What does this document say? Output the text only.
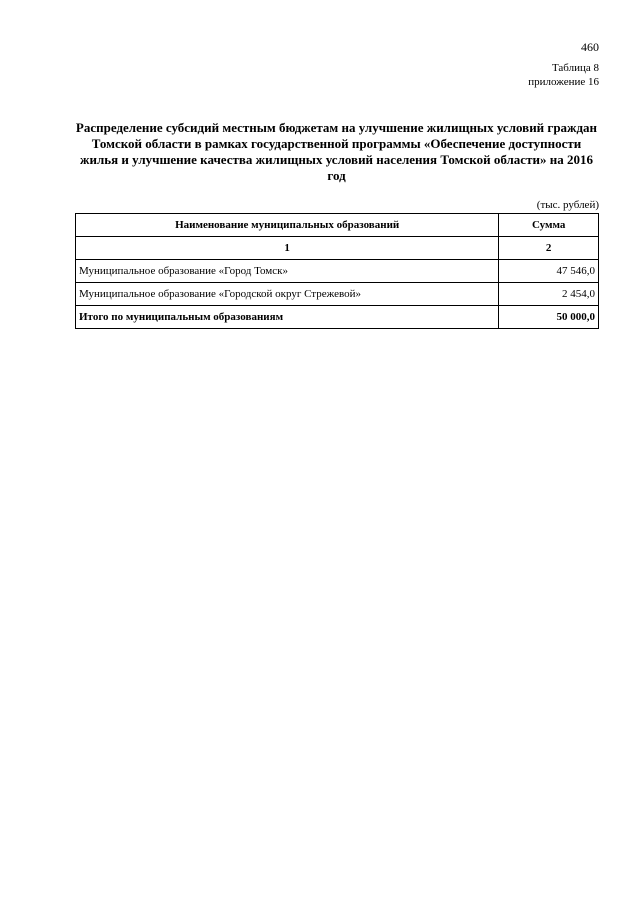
460
Таблица 8
приложение 16
Распределение субсидий местным бюджетам на улучшение жилищных условий граждан Томской области в рамках государственной программы «Обеспечение доступности жилья и улучшение качества жилищных условий населения Томской области» на 2016 год
(тыс. рублей)
Наименование муниципальных образований	Сумма
1	2
Муниципальное образование «Город Томск»	47 546,0
Муниципальное образование «Городской округ Стрежевой»	2 454,0
Итого по муниципальным образованиям	50 000,0
